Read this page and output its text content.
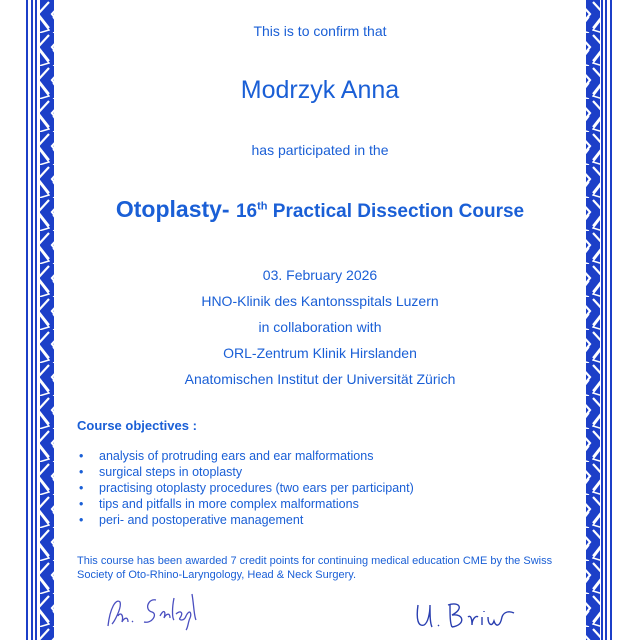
This is to confirm that
Modrzyk Anna
has participated in the
Otoplasty- 16th Practical Dissection Course
03. February 2026
HNO-Klinik des Kantonsspitals Luzern
in collaboration with
ORL-Zentrum Klinik Hirslanden
Anatomischen Institut der Universität Zürich
Course objectives :
• analysis of protruding ears and ear malformations
• surgical steps in otoplasty
• practising otoplasty procedures (two ears per participant)
• tips and pitfalls in more complex malformations
• peri- and postoperative management
This course has been awarded 7 credit points for continuing medical education CME by the Swiss Society of Oto-Rhino-Laryngology, Head & Neck Surgery.
